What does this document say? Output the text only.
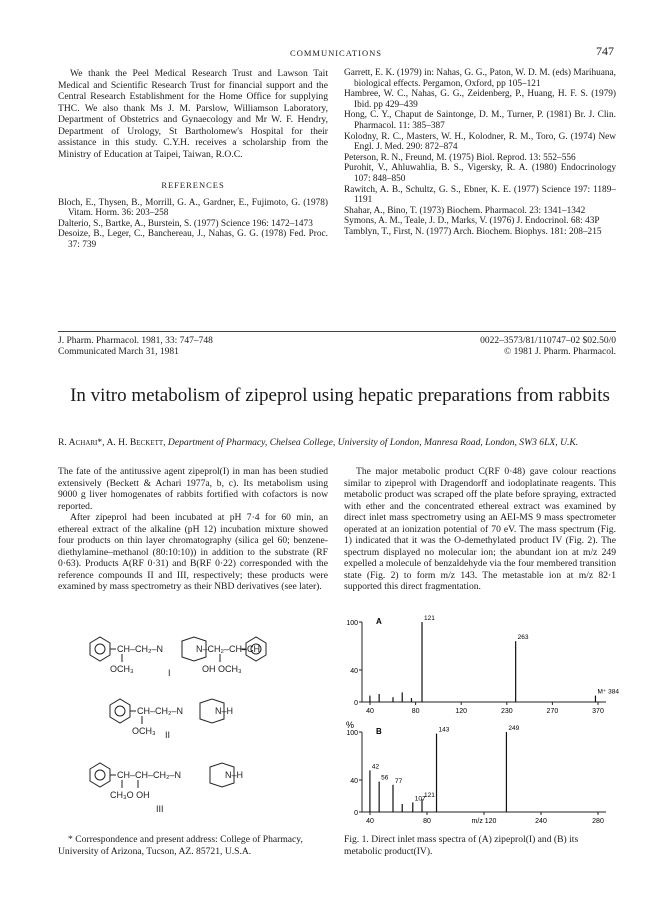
COMMUNICATIONS	747

We thank the Peel Medical Research Trust and Lawson Tait Medical and Scientific Research Trust for financial support and the Central Research Establishment for the Home Office for supplying THC. We also thank Ms J. M. Parslow, Williamson Laboratory, Department of Obstetrics and Gynaecology and Mr W. F. Hendry, Department of Urology, St Bartholomew's Hospital for their assistance in this study. C.Y.H. receives a scholarship from the Ministry of Education at Taipei, Taiwan, R.O.C.

REFERENCES
Bloch, E., Thysen, B., Morrill, G. A., Gardner, E., Fujimoto, G. (1978) Vitam. Horm. 36: 203–258
Dalterio, S., Bartke, A., Burstein, S. (1977) Science 196: 1472–1473
Desoize, B., Leger, C., Banchereau, J., Nahas, G. G. (1978) Fed. Proc. 37: 739
Garrett, E. K. (1979) in: Nahas, G. G., Paton, W. D. M. (eds) Marihuana, biological effects. Pergamon, Oxford, pp 105–121
Hambree, W. C., Nahas, G. G., Zeidenberg, P., Huang, H. F. S. (1979) Ibid. pp 429–439
Hong, C. Y., Chaput de Saintonge, D. M., Turner, P. (1981) Br. J. Clin. Pharmacol. 11: 385–387
Kolodny, R. C., Masters, W. H., Kolodner, R. M., Toro, G. (1974) New Engl. J. Med. 290: 872–874
Peterson, R. N., Freund, M. (1975) Biol. Reprod. 13: 552–556
Purohit, V., Ahluwahlia, B. S., Vigersky, R. A. (1980) Endocrinology 107: 848–850
Rawitch, A. B., Schultz, G. S., Ebner, K. E. (1977) Science 197: 1189–1191
Shahar, A., Bino, T. (1973) Biochem. Pharmacol. 23: 1341–1342
Symons, A. M., Teale, J. D., Marks, V. (1976) J. Endocrinol. 68: 43P
Tamblyn, T., First, N. (1977) Arch. Biochem. Biophys. 181: 208–215
J. Pharm. Pharmacol. 1981, 33: 747–748
Communicated March 31, 1981
0022–3573/81/110747–02 $02.50/0
© 1981 J. Pharm. Pharmacol.
In vitro metabolism of zipeprol using hepatic preparations from rabbits
R. Achari*, A. H. Beckett, Department of Pharmacy, Chelsea College, University of London, Manresa Road, London, SW3 6LX, U.K.

The fate of the antitussive agent zipeprol(I) in man has been studied extensively (Beckett & Achari 1977a, b, c). Its metabolism using 9000 g liver homogenates of rabbits fortified with cofactors is now reported.

After zipeprol had been incubated at pH 7·4 for 60 min, an ethereal extract of the alkaline (pH 12) incubation mixture showed four products on thin layer chromatography (silica gel 60; benzene-diethylamine–methanol (80:10:10)) in addition to the substrate (RF 0·63). Products A(RF 0·31) and B(RF 0·22) corresponded with the reference compounds II and III, respectively; these products were examined by mass spectrometry as their NBD derivatives (see later).

The major metabolic product C(RF 0·48) gave colour reactions similar to zipeprol with Dragendorff and iodoplatinate reagents. This metabolic product was scraped off the plate before spraying, extracted with ether and the concentrated ethereal extract was examined by direct inlet mass spectrometry using an AEI-MS 9 mass spectrometer operated at an ionization potential of 70 eV. The mass spectrum (Fig. 1) indicated that it was the O-demethylated product IV (Fig. 2). The spectrum displayed no molecular ion; the abundant ion at m/z 249 expelled a molecule of benzaldehyde via the four membered transition state (Fig. 2) to form m/z 143. The metastable ion at m/z 82·1 supported this direct fragmentation.

CH–CH₂–N	N–CH₂–CH–CH
OCH₃	OH OCH₃
I
CH–CH₂–N	N–H
OCH₃ II
CH–CH–CH₂–N	N–H
CH₃O OH
III
A
100
40
0
40	80	120	230	270	370
121
263
M⁺ 384
B
100
40
0
40	80	m/z 120	240	280
42
56 77
107
121
143	249
%
* Correspondence and present address: College of Pharmacy, University of Arizona, Tucson, AZ. 85721, U.S.A.
Fig. 1. Direct inlet mass spectra of (A) zipeprol(I) and (B) its metabolic product(IV).
